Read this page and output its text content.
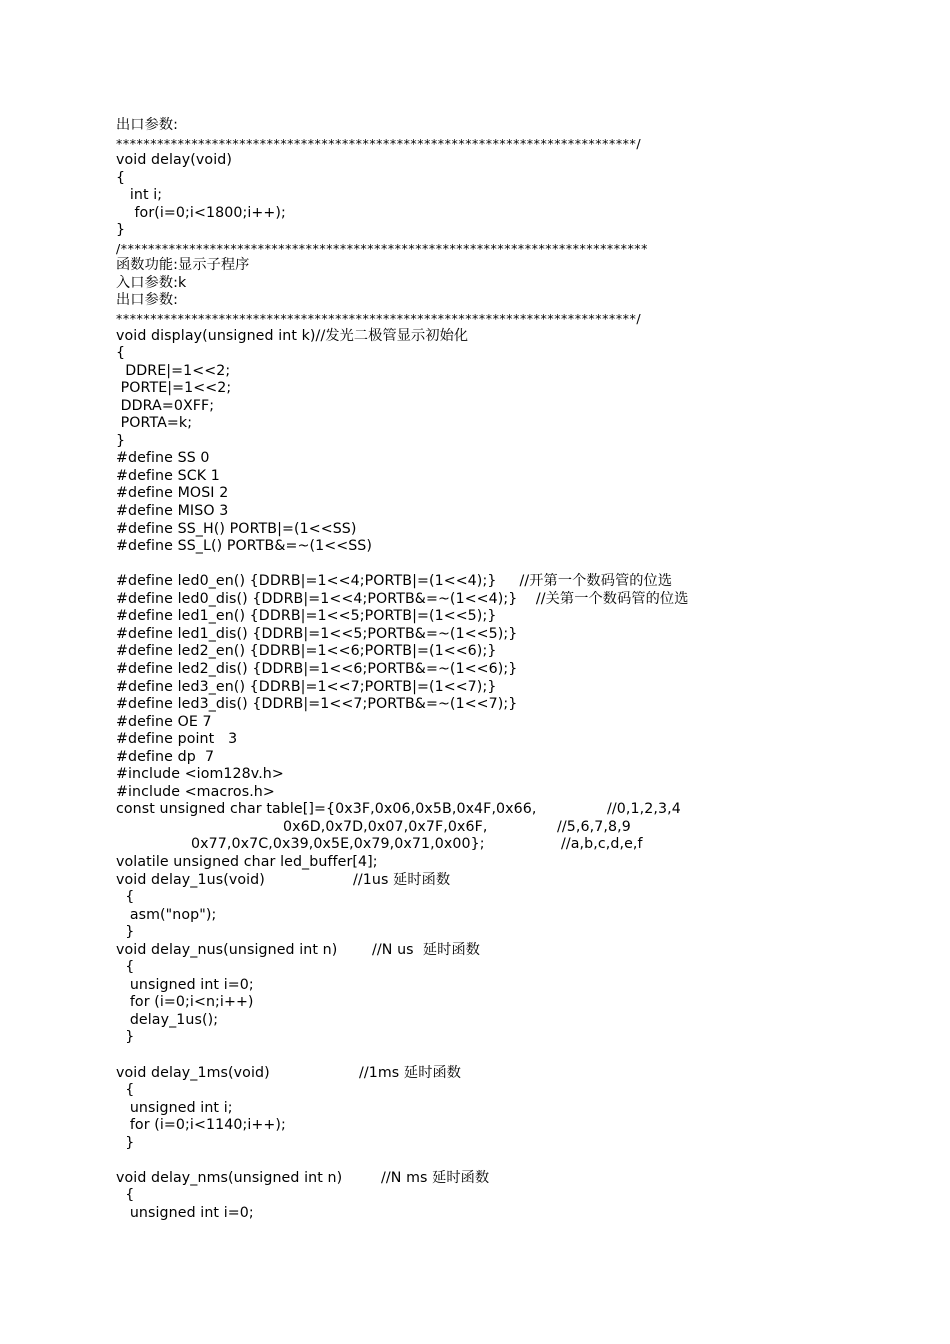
出口参数:
****************************************************************************/
void delay(void)
{
int i;
for(i=0;i<1800;i++);
}
/*****************************************************************************
函数功能:显示子程序
入口参数:k
出口参数:
****************************************************************************/
void display(unsigned int k)//发光二极管显示初始化
{
DDRE|=1<<2;
PORTE|=1<<2;
DDRA=0XFF;
PORTA=k;
}
#define SS 0
#define SCK 1
#define MOSI 2
#define MISO 3
#define SS_H() PORTB|=(1<<SS)
#define SS_L() PORTB&=~(1<<SS)
#define led0_en() {DDRB|=1<<4;PORTB|=(1<<4);}     //开第一个数码管的位选
#define led0_dis() {DDRB|=1<<4;PORTB&=~(1<<4);}    //关第一个数码管的位选
#define led1_en() {DDRB|=1<<5;PORTB|=(1<<5);}
#define led1_dis() {DDRB|=1<<5;PORTB&=~(1<<5);}
#define led2_en() {DDRB|=1<<6;PORTB|=(1<<6);}
#define led2_dis() {DDRB|=1<<6;PORTB&=~(1<<6);}
#define led3_en() {DDRB|=1<<7;PORTB|=(1<<7);}
#define led3_dis() {DDRB|=1<<7;PORTB&=~(1<<7);}
#define OE 7
#define point   3
#define dp  7
#include <iom128v.h>
#include <macros.h>

const unsigned char table[]={0x3F,0x06,0x5B,0x4F,0x66,

	//0,1,2,3,4

0x6D,0x7D,0x07,0x7F,0x6F,

	//5,6,7,8,9

0x77,0x7C,0x39,0x5E,0x79,0x71,0x00};

	//a,b,c,d,e,f

volatile unsigned char led_buffer[4];

void delay_1us(void)

	//1us 延时函数

{
asm("nop");
}

void delay_nus(unsigned int n)

//N us  延时函数

{
unsigned int i=0;
for (i=0;i<n;i++)
delay_1us();
}

void delay_1ms(void)

	//1ms 延时函数

{
unsigned int i;
for (i=0;i<1140;i++);
}

void delay_nms(unsigned int n)

	//N ms 延时函数

{
unsigned int i=0;
